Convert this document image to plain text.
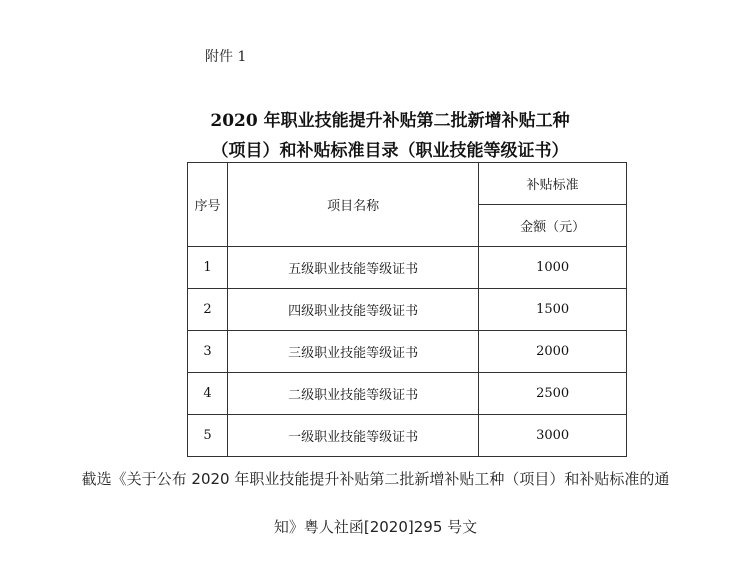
附件 1
2020 年职业技能提升补贴第二批新增补贴工种
（项目）和补贴标准目录（职业技能等级证书）
序号	项目名称	补贴标准
		金额（元）
1	五级职业技能等级证书	1000
2	四级职业技能等级证书	1500
3	三级职业技能等级证书	2000
4	二级职业技能等级证书	2500
5	一级职业技能等级证书	3000
截选《关于公布 2020 年职业技能提升补贴第二批新增补贴工种（项目）和补贴标准的通
知》粤人社函[2020]295 号文
